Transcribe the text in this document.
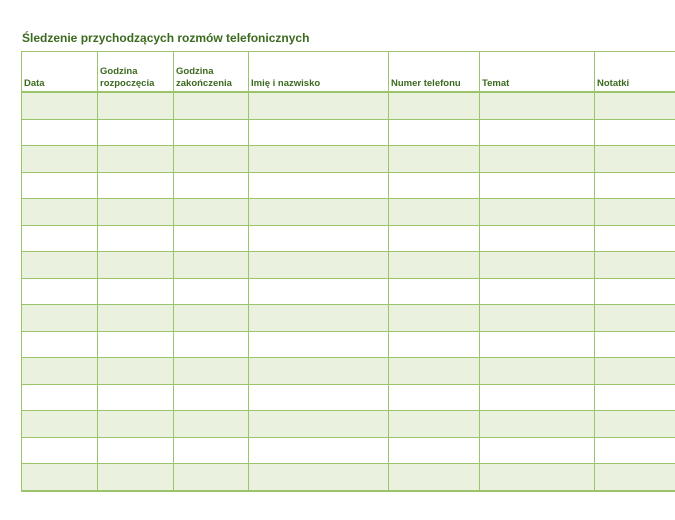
Śledzenie przychodzących rozmów telefonicznych
Data	Godzina rozpoczęcia	Godzina zakończenia	Imię i nazwisko	Numer telefonu	Temat	Notatki
